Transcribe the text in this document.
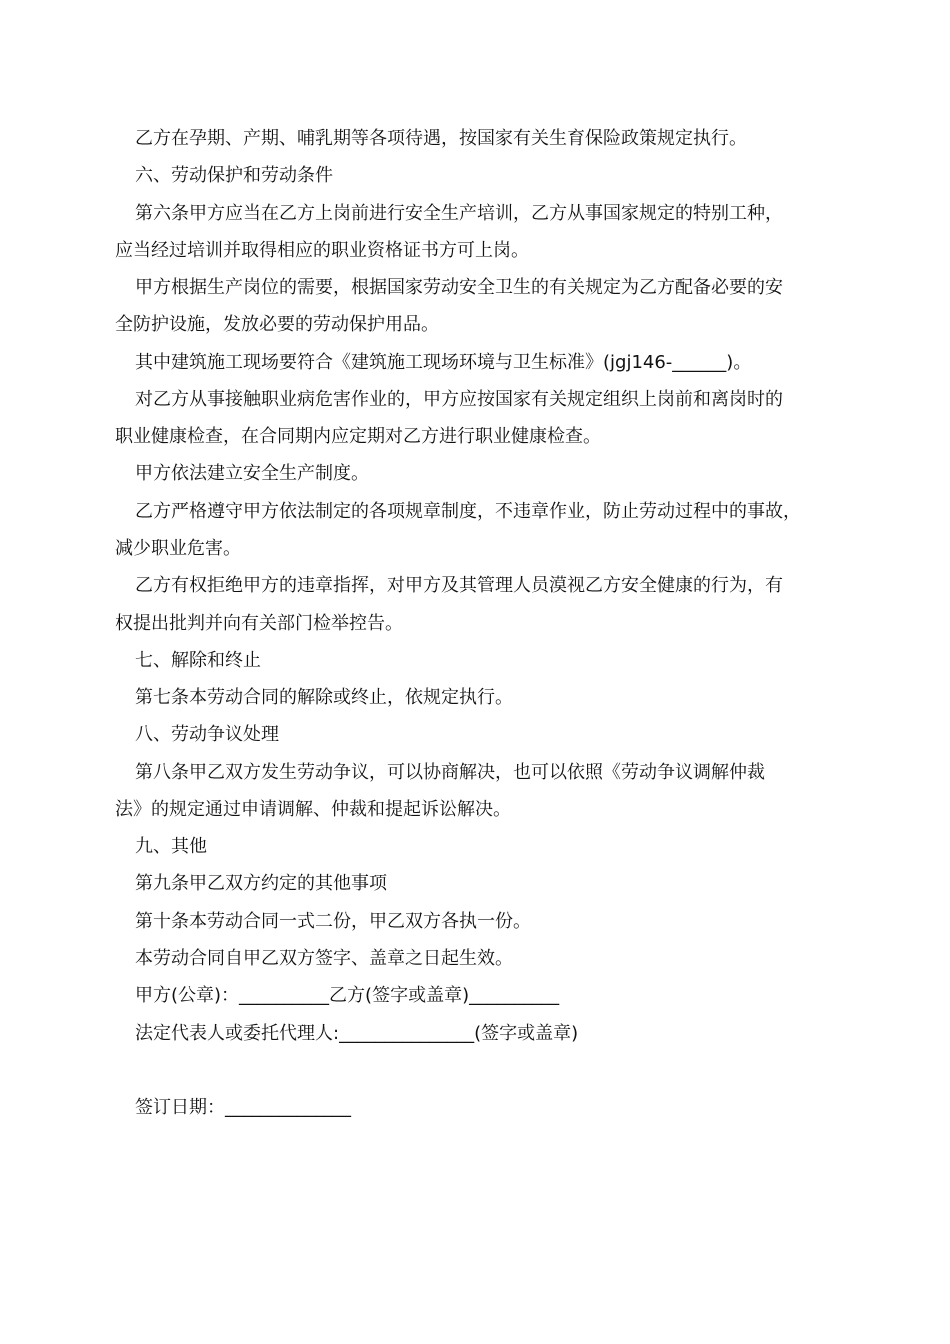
乙方在孕期、产期、哺乳期等各项待遇，按国家有关生育保险政策规定执行。
六、劳动保护和劳动条件
第六条甲方应当在乙方上岗前进行安全生产培训，乙方从事国家规定的特别工种，
应当经过培训并取得相应的职业资格证书方可上岗。
甲方根据生产岗位的需要，根据国家劳动安全卫生的有关规定为乙方配备必要的安
全防护设施，发放必要的劳动保护用品。
其中建筑施工现场要符合《建筑施工现场环境与卫生标准》(jgj146-______)。
对乙方从事接触职业病危害作业的，甲方应按国家有关规定组织上岗前和离岗时的
职业健康检查，在合同期内应定期对乙方进行职业健康检查。
甲方依法建立安全生产制度。
乙方严格遵守甲方依法制定的各项规章制度，不违章作业，防止劳动过程中的事故，
减少职业危害。
乙方有权拒绝甲方的违章指挥，对甲方及其管理人员漠视乙方安全健康的行为，有
权提出批判并向有关部门检举控告。
七、解除和终止
第七条本劳动合同的解除或终止，依规定执行。
八、劳动争议处理
第八条甲乙双方发生劳动争议，可以协商解决，也可以依照《劳动争议调解仲裁
法》的规定通过申请调解、仲裁和提起诉讼解决。
九、其他
第九条甲乙双方约定的其他事项
第十条本劳动合同一式二份，甲乙双方各执一份。
本劳动合同自甲乙双方签字、盖章之日起生效。
甲方(公章)：__________乙方(签字或盖章)__________
法定代表人或委托代理人:_______________(签字或盖章)
签订日期：______________
